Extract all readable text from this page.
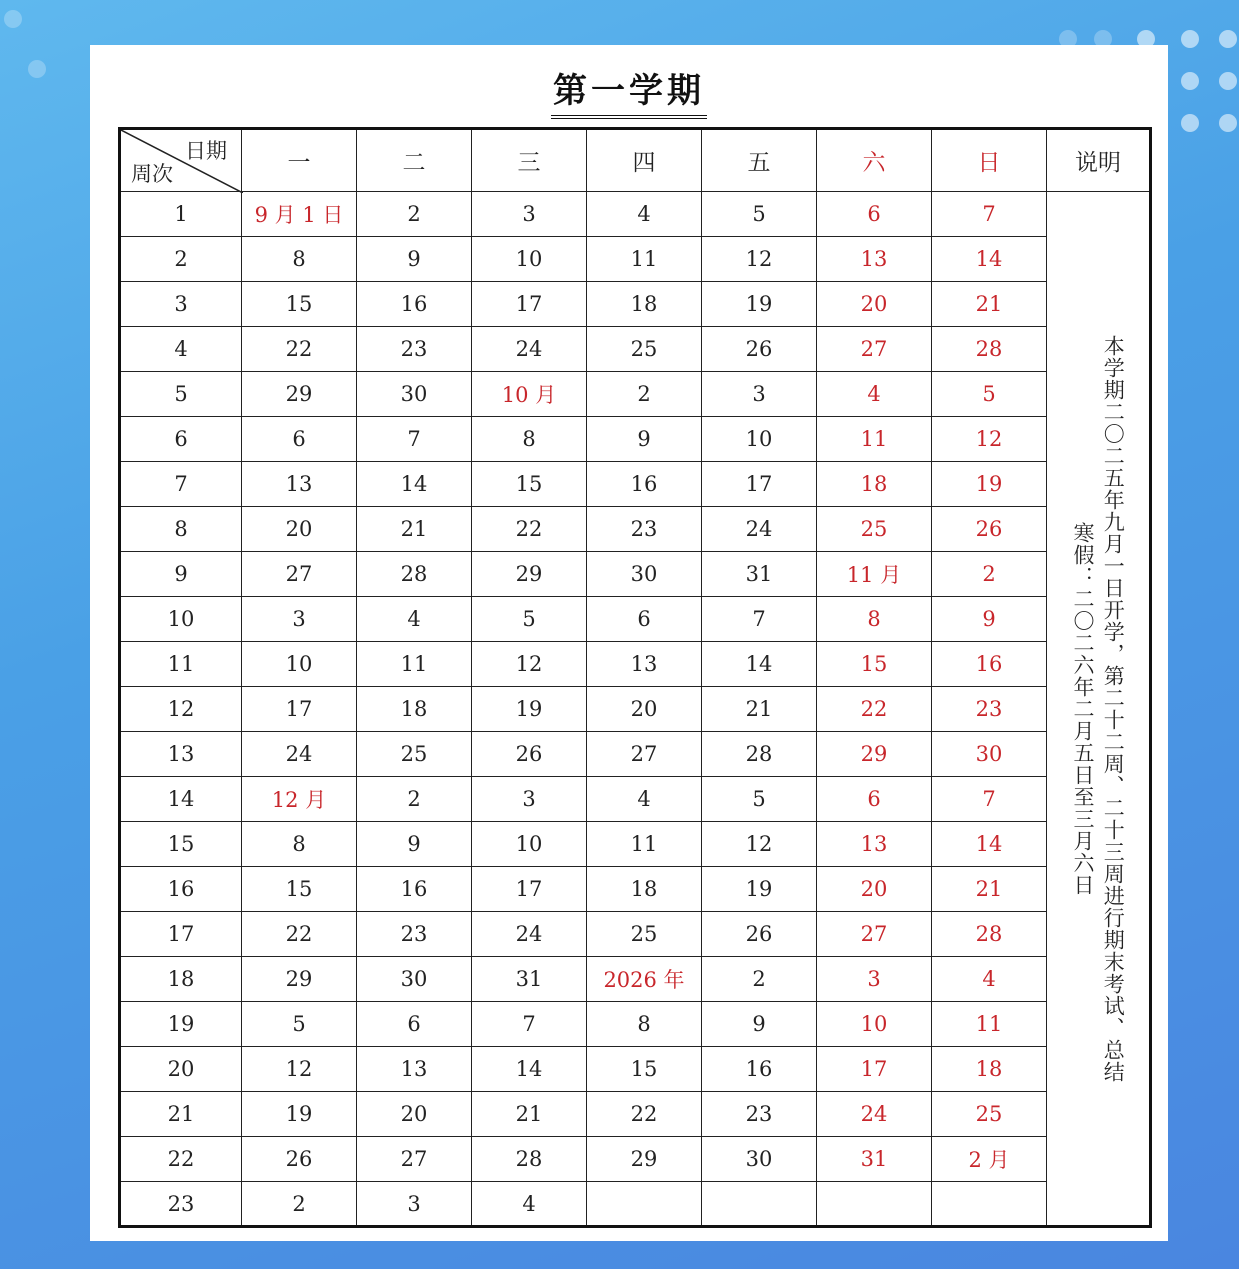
第一学期
日期
周次	一	二	三	四	五	六	日	说明
1	9 月 1 日	2	3	4	5	6	7	本学期二〇二五年九月一日开学，第二十二周、二十三周进行期末考试、总结
寒假：二〇二六年二月五日至三月六日

2	8	9	10	11	12	13	14	
3	15	16	17	18	19	20	21	
4	22	23	24	25	26	27	28	
5	29	30	10 月	2	3	4	5	
6	6	7	8	9	10	11	12	
7	13	14	15	16	17	18	19	
8	20	21	22	23	24	25	26	
9	27	28	29	30	31	11 月	2	
10	3	4	5	6	7	8	9	
11	10	11	12	13	14	15	16	
12	17	18	19	20	21	22	23	
13	24	25	26	27	28	29	30	
14	12 月	2	3	4	5	6	7	
15	8	9	10	11	12	13	14	
16	15	16	17	18	19	20	21	
17	22	23	24	25	26	27	28	
18	29	30	31	2026 年	2	3	4	
19	5	6	7	8	9	10	11	
20	12	13	14	15	16	17	18	
21	19	20	21	22	23	24	25	
22	26	27	28	29	30	31	2 月	
23	2	3	4					
